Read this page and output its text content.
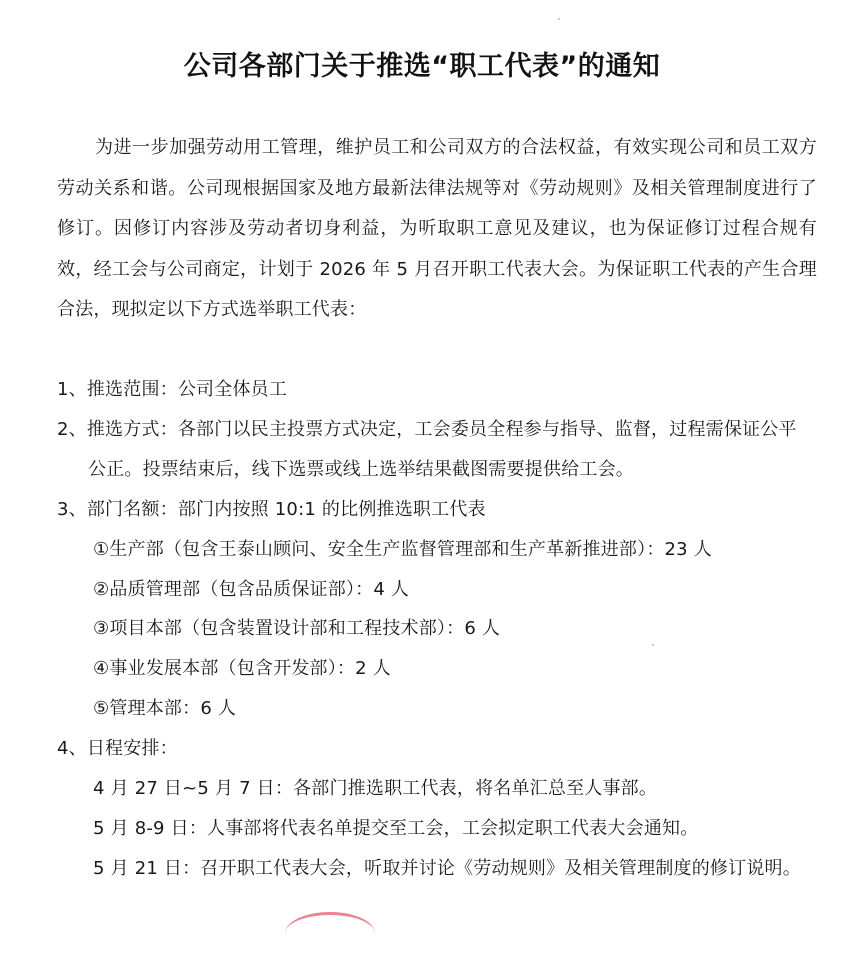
公司各部门关于推选“职工代表”的通知
为进一步加强劳动用工管理，维护员工和公司双方的合法权益，有效实现公司和员工双方劳动关系和谐。公司现根据国家及地方最新法律法规等对《劳动规则》及相关管理制度进行了修订。因修订内容涉及劳动者切身利益，为听取职工意见及建议，也为保证修订过程合规有效，经工会与公司商定，计划于 2026 年 5 月召开职工代表大会。为保证职工代表的产生合理合法，现拟定以下方式选举职工代表：
1、推选范围：公司全体员工
2、推选方式：各部门以民主投票方式决定，工会委员全程参与指导、监督，过程需保证公平
公正。投票结束后，线下选票或线上选举结果截图需要提供给工会。
3、部门名额：部门内按照 10:1 的比例推选职工代表
①生产部（包含王泰山顾问、安全生产监督管理部和生产革新推进部）：23 人
②品质管理部（包含品质保证部）：4 人
③项目本部（包含装置设计部和工程技术部）：6 人
④事业发展本部（包含开发部）：2 人
⑤管理本部：6 人
4、日程安排：
4 月 27 日~5 月 7 日：各部门推选职工代表，将名单汇总至人事部。
5 月 8-9 日：人事部将代表名单提交至工会，工会拟定职工代表大会通知。
5 月 21 日：召开职工代表大会，听取并讨论《劳动规则》及相关管理制度的修订说明。
